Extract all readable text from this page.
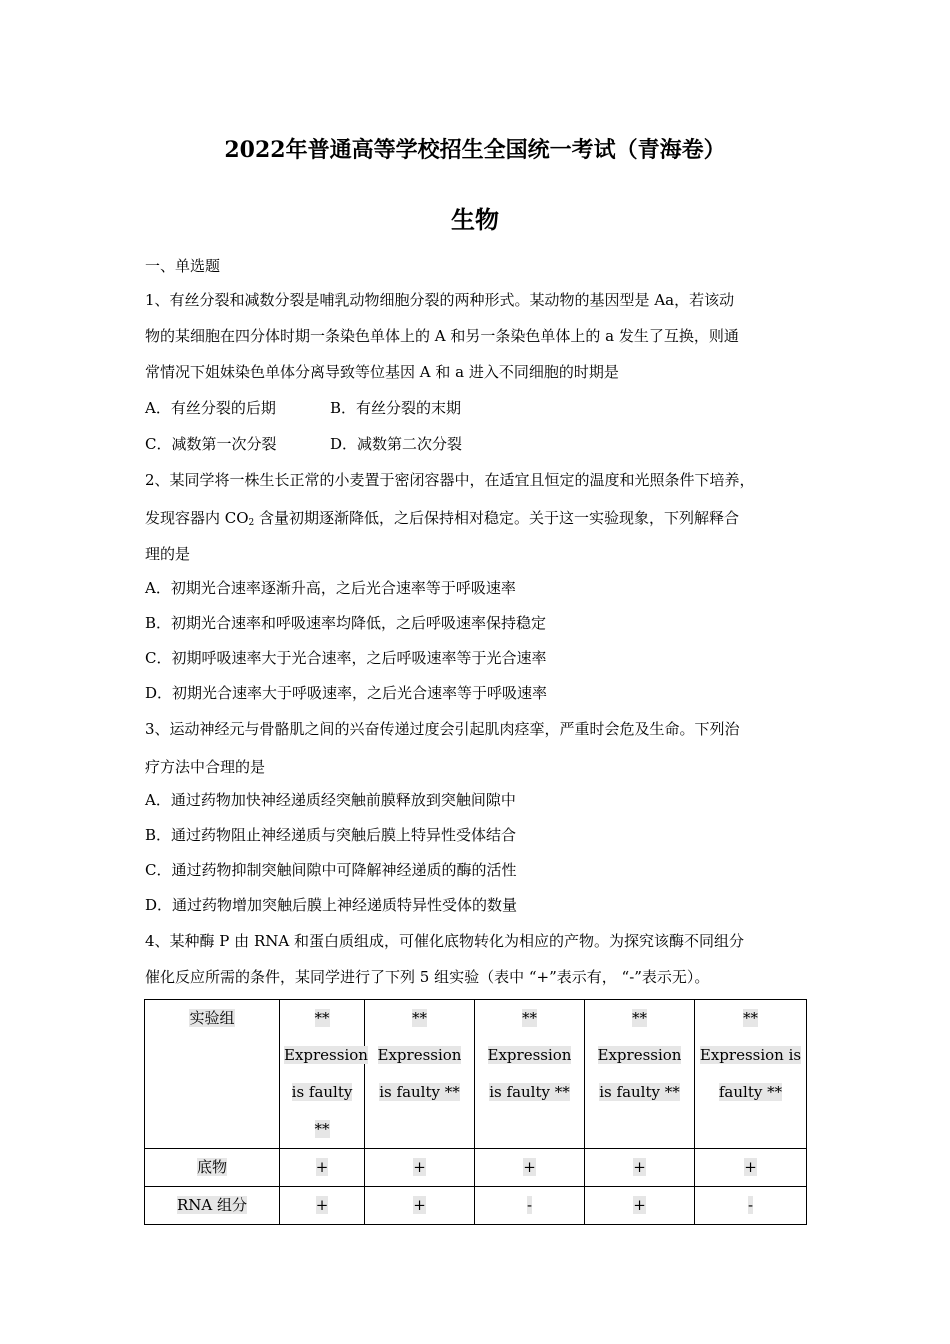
2022年普通高等学校招生全国统一考试（青海卷）
生物
一、单选题
1、有丝分裂和减数分裂是哺乳动物细胞分裂的两种形式。某动物的基因型是 Aa，若该动
物的某细胞在四分体时期一条染色单体上的 A 和另一条染色单体上的 a 发生了互换，则通
常情况下姐妹染色单体分离导致等位基因 A 和 a 进入不同细胞的时期是
A．有丝分裂的后期	B．有丝分裂的末期
C．减数第一次分裂	D．减数第二次分裂
2、某同学将一株生长正常的小麦置于密闭容器中，在适宜且恒定的温度和光照条件下培养，
发现容器内 $CO_2$ 含量初期逐渐降低，之后保持相对稳定。关于这一实验现象，下列解释合
理的是
A．初期光合速率逐渐升高，之后光合速率等于呼吸速率
B．初期光合速率和呼吸速率均降低，之后呼吸速率保持稳定
C．初期呼吸速率大于光合速率，之后呼吸速率等于光合速率
D．初期光合速率大于呼吸速率，之后光合速率等于呼吸速率
3、运动神经元与骨骼肌之间的兴奋传递过度会引起肌肉痉挛，严重时会危及生命。下列治
疗方法中合理的是
A．通过药物加快神经递质经突触前膜释放到突触间隙中
B．通过药物阻止神经递质与突触后膜上特异性受体结合
C．通过药物抑制突触间隙中可降解神经递质的酶的活性
D．通过药物增加突触后膜上神经递质特异性受体的数量
4、某种酶 P 由 RNA 和蛋白质组成，可催化底物转化为相应的产物。为探究该酶不同组分
催化反应所需的条件，某同学进行了下列 5 组实验（表中 “+”表示有， “-”表示无）。
实验组	** Expression is faulty **	** Expression is faulty **	** Expression is faulty **	** Expression is faulty **	** Expression is faulty **
底物	+	+	+	+	+
RNA 组分	+	+	-	+	-
